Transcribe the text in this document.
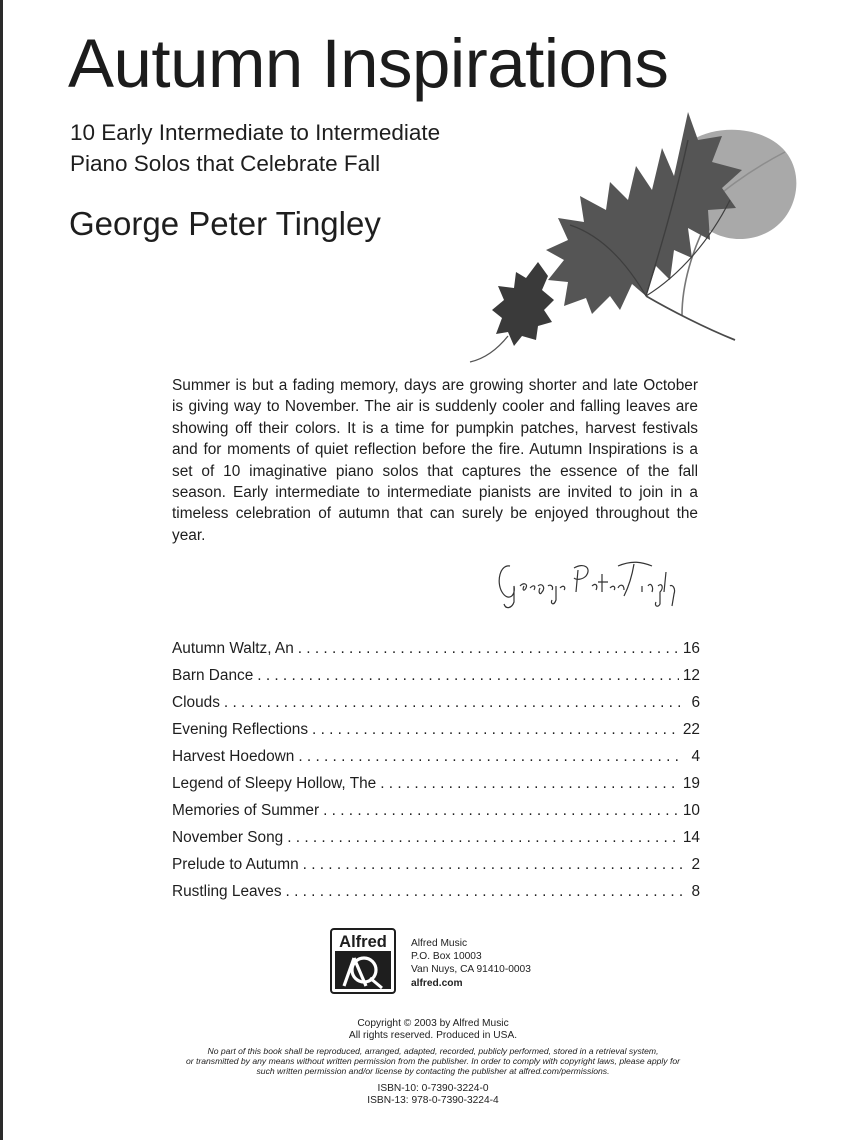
Autumn Inspirations
10 Early Intermediate to Intermediate
Piano Solos that Celebrate Fall
George Peter Tingley

Summer is but a fading memory, days are growing shorter and late October is giving way to November. The air is suddenly cooler and falling leaves are showing off their colors. It is a time for pumpkin patches, harvest festivals and for moments of quiet reflection before the fire. Autumn Inspirations is a set of 10 imaginative piano solos that captures the essence of the fall season. Early intermediate to intermediate pianists are invited to join in a timeless celebration of autumn that can surely be enjoyed throughout the year.

Autumn Waltz, An . . .	16
Barn Dance . . .	12
Clouds . . .	6
Evening Reflections . . .	22
Harvest Hoedown . . .	4
Legend of Sleepy Hollow, The . . .	19
Memories of Summer . . .	10
November Song . . .	14
Prelude to Autumn . . .	2
Rustling Leaves . . .	8
Alfred Alfred Music
P.O. Box 10003
Van Nuys, CA 91410-0003
alfred.com
Copyright © 2003 by Alfred Music
All rights reserved. Produced in USA.
No part of this book shall be reproduced, arranged, adapted, recorded, publicly performed, stored in a retrieval system,
or transmitted by any means without written permission from the publisher. In order to comply with copyright laws, please apply for
such written permission and/or license by contacting the publisher at alfred.com/permissions.
ISBN-10: 0-7390-3224-0
ISBN-13: 978-0-7390-3224-4
